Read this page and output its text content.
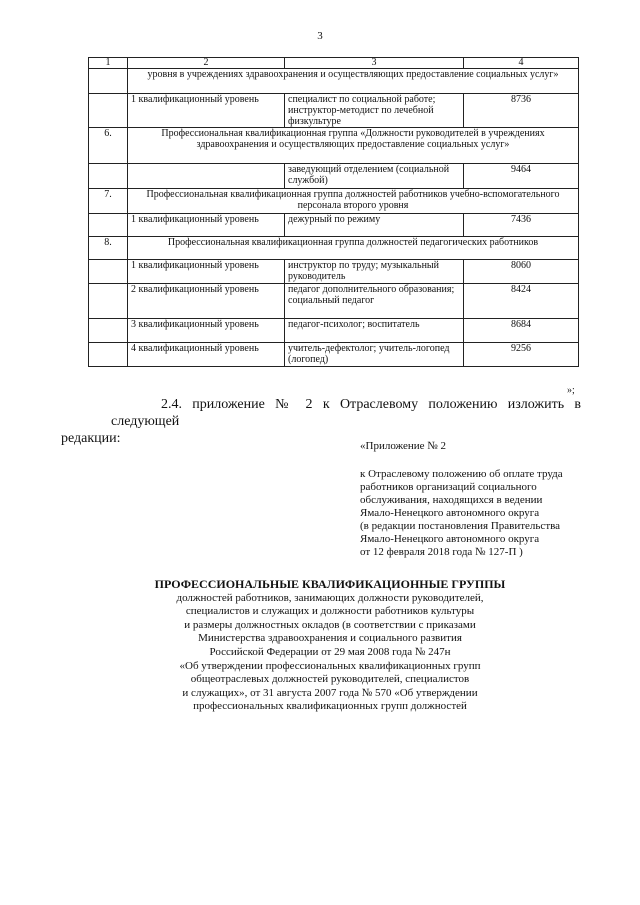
3
1	2	3	4
	уровня в учреждениях здравоохранения и осуществляющих предоставление социальных услуг»		
	1 квалификационный уровень	специалист по социальной работе; инструктор-методист по лечебной физкультуре	8736
6.	Профессиональная квалификационная группа «Должности руководителей в учреждениях здравоохранения и осуществляющих предоставление социальных услуг»		
		заведующий отделением (социальной службой)	9464
7.	Профессиональная квалификационная группа должностей работников учебно-вспомогательного персонала второго уровня		
	1 квалификационный уровень	дежурный по режиму	7436
8.	Профессиональная квалификационная группа должностей педагогических работников		
	1 квалификационный уровень	инструктор по труду; музыкальный руководитель	8060
	2 квалификационный уровень	педагог дополнительного образования; социальный педагог	8424
	3 квалификационный уровень	педагог-психолог; воспитатель	8684
	4 квалификационный уровень	учитель-дефектолог; учитель-логопед (логопед)	9256
»;
2.4. приложение № 2 к Отраслевому положению изложить в следующей
редакции:	«Приложение № 2
к Отраслевому положению об оплате труда
работников организаций социального
обслуживания, находящихся в ведении
Ямало-Ненецкого автономного округа
(в редакции постановления Правительства
Ямало-Ненецкого автономного округа
от 12 февраля 2018 года № 127-П )
ПРОФЕССИОНАЛЬНЫЕ КВАЛИФИКАЦИОННЫЕ ГРУППЫ
должностей работников, занимающих должности руководителей,
специалистов и служащих и должности работников культуры
и размеры должностных окладов (в соответствии с приказами
Министерства здравоохранения и социального развития
Российской Федерации от 29 мая 2008 года № 247н
«Об утверждении профессиональных квалификационных групп
общеотраслевых должностей руководителей, специалистов
и служащих», от 31 августа 2007 года № 570 «Об утверждении
профессиональных квалификационных групп должностей
